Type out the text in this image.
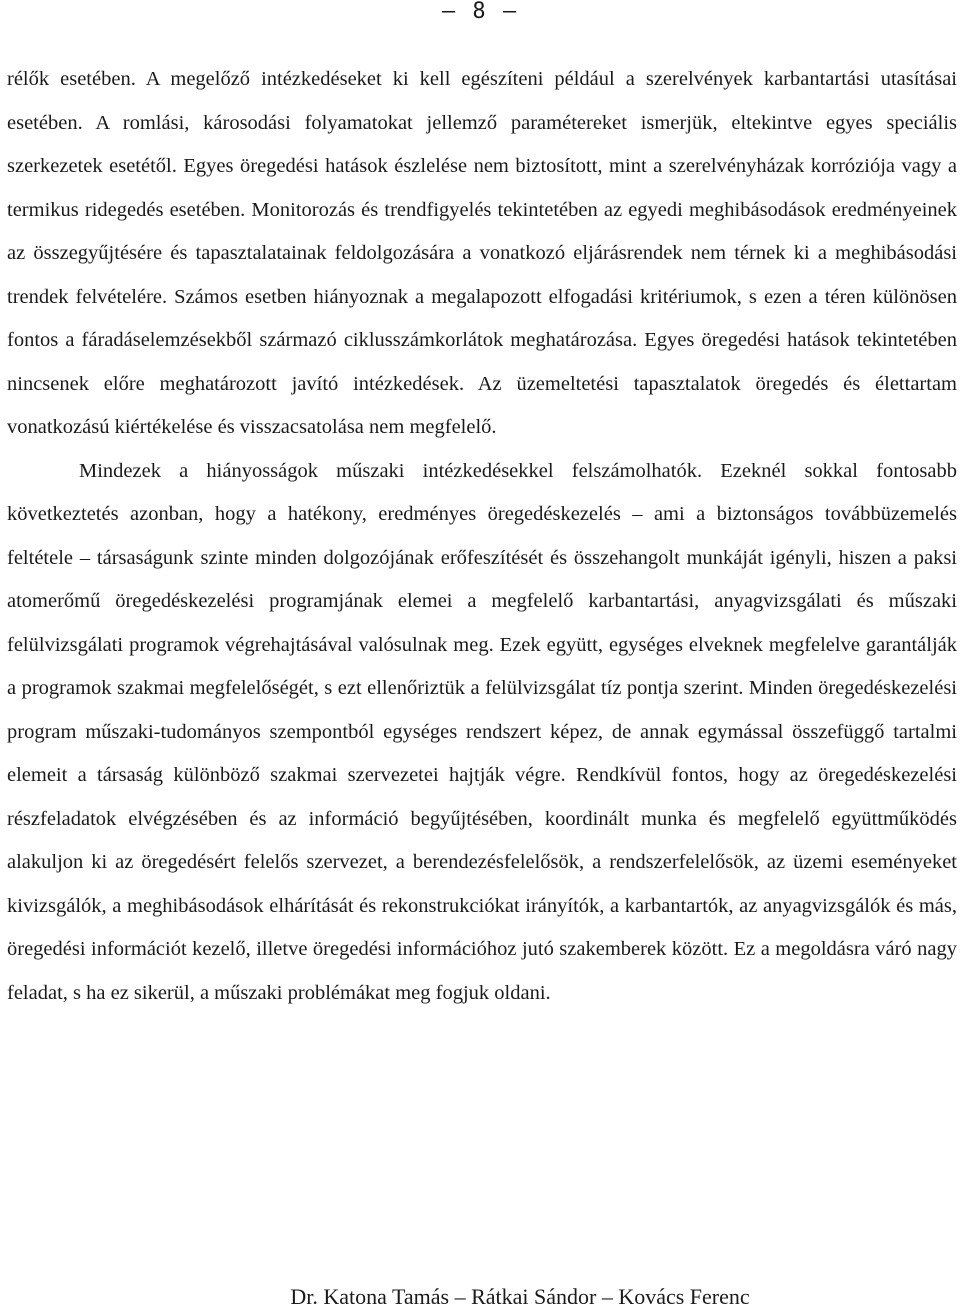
– 8 –

rélők esetében. A megelőző intézkedéseket ki kell egészíteni például a szerelvények karbantartási utasításai esetében. A romlási, károsodási folyamatokat jellemző paramétereket ismerjük, eltekintve egyes speciális szerkezetek esetétől. Egyes öregedési hatások észlelése nem biztosított, mint a szerelvényházak korróziója vagy a termikus ridegedés esetében. Monitorozás és trendfigyelés tekintetében az egyedi meghibásodások eredményeinek az összegyűjtésére és tapasztalatainak feldolgozására a vonatkozó eljárásrendek nem térnek ki a meghibásodási trendek felvételére. Számos esetben hiányoznak a megalapozott elfogadási kritériumok, s ezen a téren különösen fontos a fáradáselemzésekből származó ciklusszámkorlátok meghatározása. Egyes öregedési hatások tekintetében nincsenek előre meghatározott javító intézkedések. Az üzemeltetési tapasztalatok öregedés és élettartam vonatkozású kiértékelése és visszacsatolása nem megfelelő.

Mindezek a hiányosságok műszaki intézkedésekkel felszámolhatók. Ezeknél sokkal fontosabb következtetés azonban, hogy a hatékony, eredményes öregedéskezelés – ami a biztonságos továbbüzemelés feltétele – társaságunk szinte minden dolgozójának erőfeszítését és összehangolt munkáját igényli, hiszen a paksi atomerőmű öregedéskezelési programjának elemei a megfelelő karbantartási, anyagvizsgálati és műszaki felülvizsgálati programok végrehajtásával valósulnak meg. Ezek együtt, egységes elveknek megfelelve garantálják a programok szakmai megfelelőségét, s ezt ellenőriztük a felülvizsgálat tíz pontja szerint. Minden öregedéskezelési program műszaki-tudományos szempontból egységes rendszert képez, de annak egymással összefüggő tartalmi elemeit a társaság különböző szakmai szervezetei hajtják végre. Rendkívül fontos, hogy az öregedéskezelési részfeladatok elvégzésében és az információ begyűjtésében, koordinált munka és megfelelő együttműködés alakuljon ki az öregedésért felelős szervezet, a berendezésfelelősök, a rendszerfelelősök, az üzemi eseményeket kivizsgálók, a meghibásodások elhárítását és rekonstrukciókat irányítók, a karbantartók, az anyagvizsgálók és más, öregedési információt kezelő, illetve öregedési információhoz jutó szakemberek között. Ez a megoldásra váró nagy feladat, s ha ez sikerül, a műszaki problémákat meg fogjuk oldani.

Dr. Katona Tamás – Rátkai Sándor – Kovács Ferenc
